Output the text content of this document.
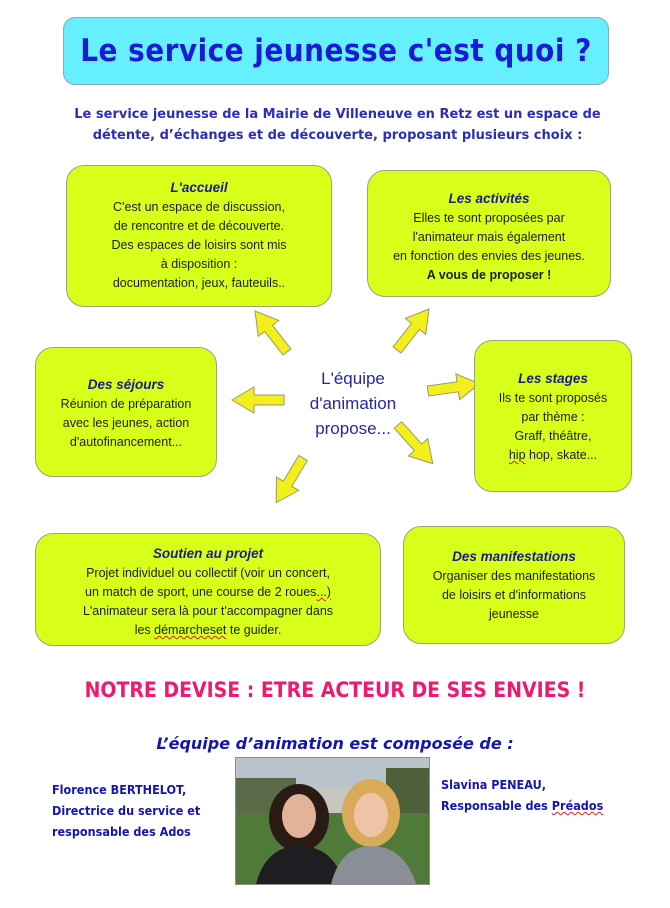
Le service jeunesse c'est quoi ?
Le service jeunesse de la Mairie de Villeneuve en Retz est un espace de
détente, d’échanges et de découverte, proposant plusieurs choix :
L'accueil
C'est un espace de discussion,
de rencontre et de découverte.
Des espaces de loisirs sont mis
à disposition :
documentation, jeux, fauteuils..
Les activités
Elles te sont proposées par
l'animateur mais également
en fonction des envies des jeunes.
A vous de proposer !
Des séjours
Réunion de préparation
avec les jeunes, action
d'autofinancement...
L'équipe
d'animation
propose...
Les stages
Ils te sont proposés
par thème :
Graff, théâtre,
hip hop, skate...
Soutien au projet
Projet individuel ou collectif (voir un concert,
un match de sport, une course de 2 roues...)
L'animateur sera là pour t'accompagner dans
les démarcheset te guider.
Des manifestations
Organiser des manifestations
de loisirs et d'informations
jeunesse
NOTRE DEVISE : ETRE ACTEUR DE SES ENVIES !
L’équipe d’animation est composée de :
Florence BERTHELOT,
Directrice du service et
responsable des Ados
Slavina PENEAU,
Responsable des Préados
